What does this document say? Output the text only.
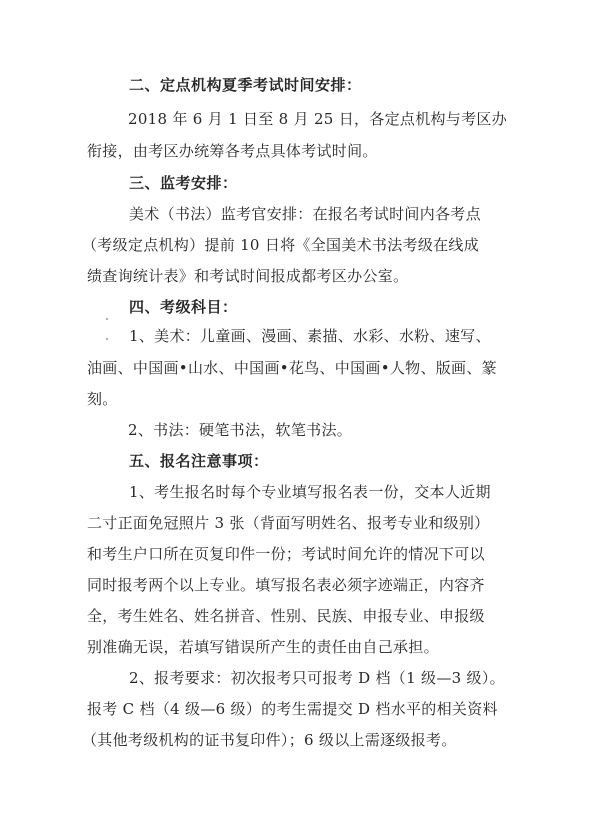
二、定点机构夏季考试时间安排：
2018 年 6 月 1 日至 8 月 25 日，各定点机构与考区办
衔接，由考区办统筹各考点具体考试时间。
三、监考安排：
美术（书法）监考官安排：在报名考试时间内各考点
（考级定点机构）提前 10 日将《全国美术书法考级在线成
绩查询统计表》和考试时间报成都考区办公室。
四、考级科目：
1、美术：儿童画、漫画、素描、水彩、水粉、速写、
油画、中国画•山水、中国画•花鸟、中国画•人物、版画、篆
刻。
2、书法：硬笔书法，软笔书法。
五、报名注意事项：
1、考生报名时每个专业填写报名表一份，交本人近期
二寸正面免冠照片 3 张（背面写明姓名、报考专业和级别）
和考生户口所在页复印件一份；考试时间允许的情况下可以
同时报考两个以上专业。填写报名表必须字迹端正，内容齐
全，考生姓名、姓名拼音、性别、民族、申报专业、申报级
别准确无误，若填写错误所产生的责任由自己承担。
2、报考要求：初次报考只可报考 D 档（1 级—3 级）。
报考 C 档（4 级—6 级）的考生需提交 D 档水平的相关资料
（其他考级机构的证书复印件）；6 级以上需逐级报考。
